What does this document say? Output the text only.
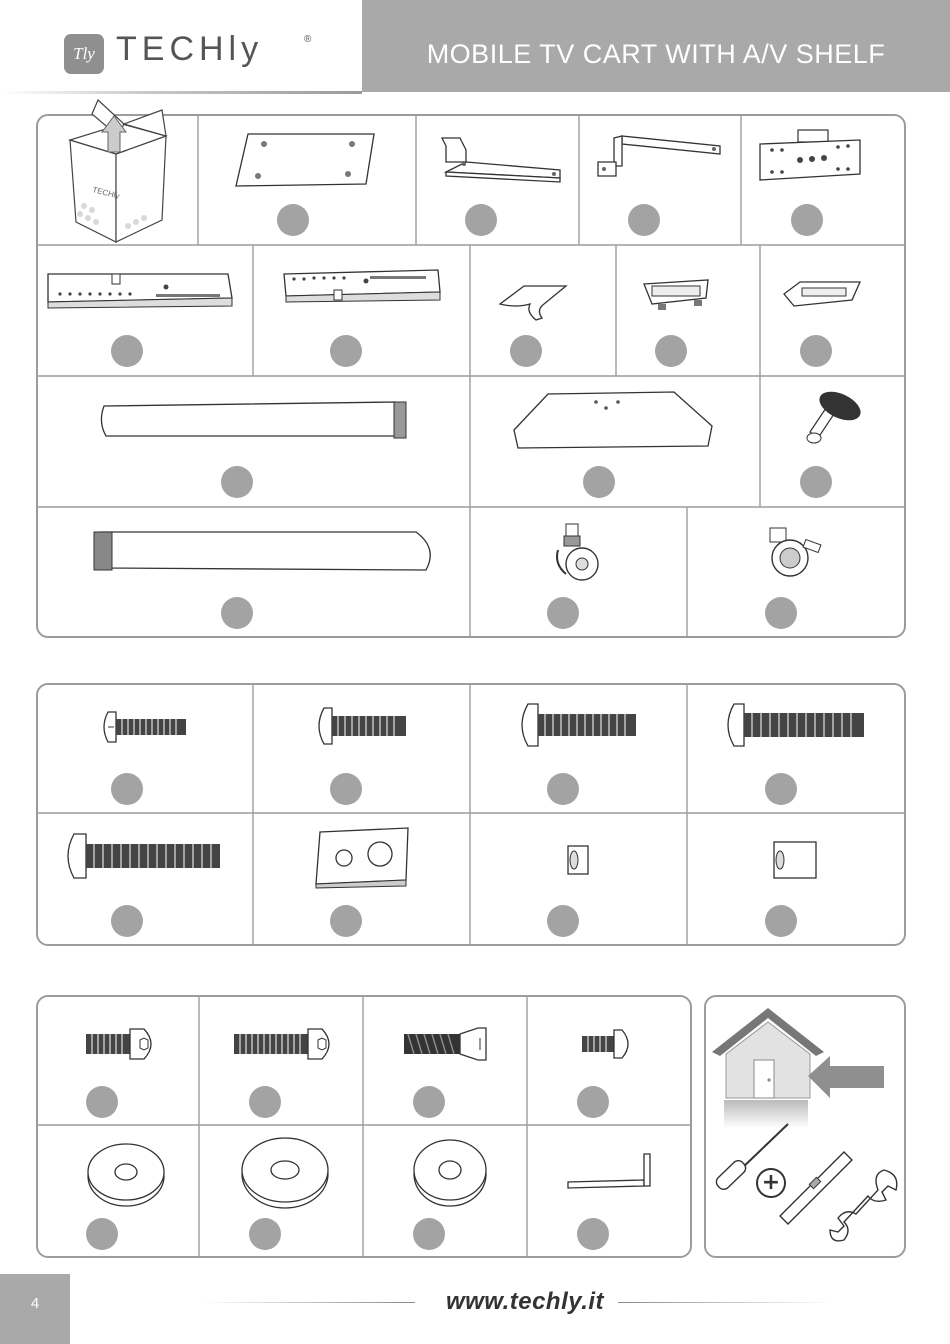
MOBILE TV CART WITH A/V SHELF
Tly TECHly	®
TECHly
+
4	www.techly.it
